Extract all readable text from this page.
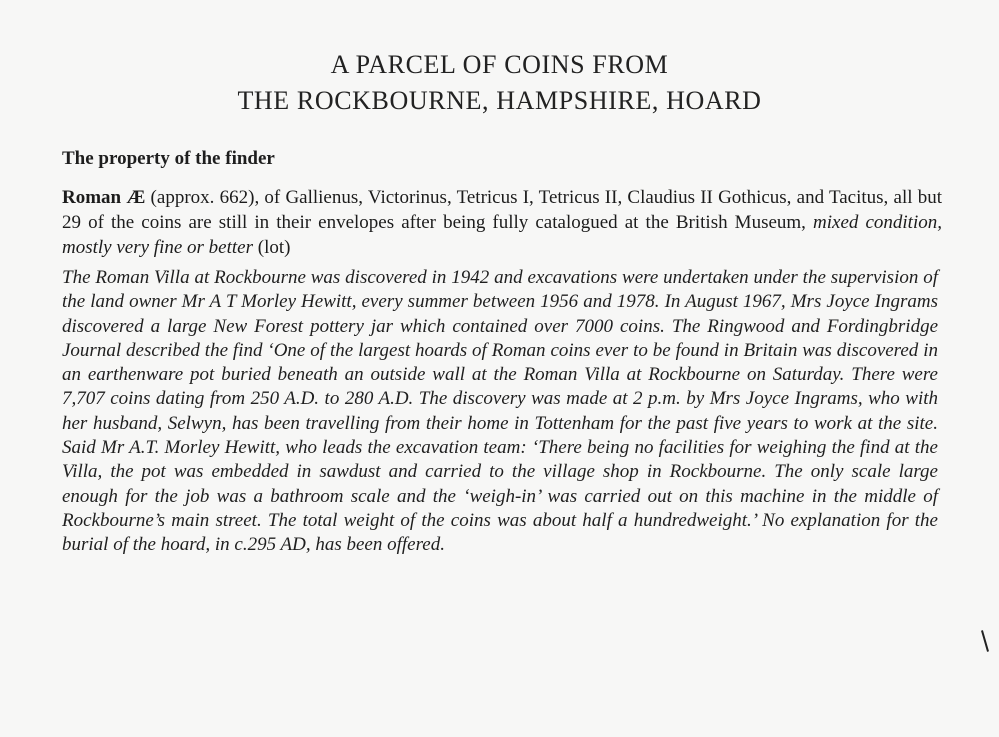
A PARCEL OF COINS FROM
THE ROCKBOURNE, HAMPSHIRE, HOARD
The property of the finder
Roman Æ (approx. 662), of Gallienus, Victorinus, Tetricus I, Tetricus II, Claudius II Gothicus, and Tacitus, all but 29 of the coins are still in their envelopes after being fully catalogued at the British Museum, mixed condition, mostly very fine or better (lot)
The Roman Villa at Rockbourne was discovered in 1942 and excavations were undertaken under the supervision of the land owner Mr A T Morley Hewitt, every summer between 1956 and 1978. In August 1967, Mrs Joyce Ingrams discovered a large New Forest pottery jar which contained over 7000 coins. The Ringwood and Fordingbridge Journal described the find ‘One of the largest hoards of Roman coins ever to be found in Britain was discovered in an earthenware pot buried beneath an outside wall at the Roman Villa at Rockbourne on Saturday. There were 7,707 coins dating from 250 A.D. to 280 A.D. The discovery was made at 2 p.m. by Mrs Joyce Ingrams, who with her husband, Selwyn, has been travelling from their home in Tottenham for the past five years to work at the site. Said Mr A.T. Morley Hewitt, who leads the excavation team: ‘There being no facilities for weighing the find at the Villa, the pot was embedded in sawdust and carried to the village shop in Rockbourne. The only scale large enough for the job was a bathroom scale and the ‘weigh-in’ was carried out on this machine in the middle of Rockbourne’s main street. The total weight of the coins was about half a hundredweight.’ No explanation for the burial of the hoard, in c.295 AD, has been offered.
